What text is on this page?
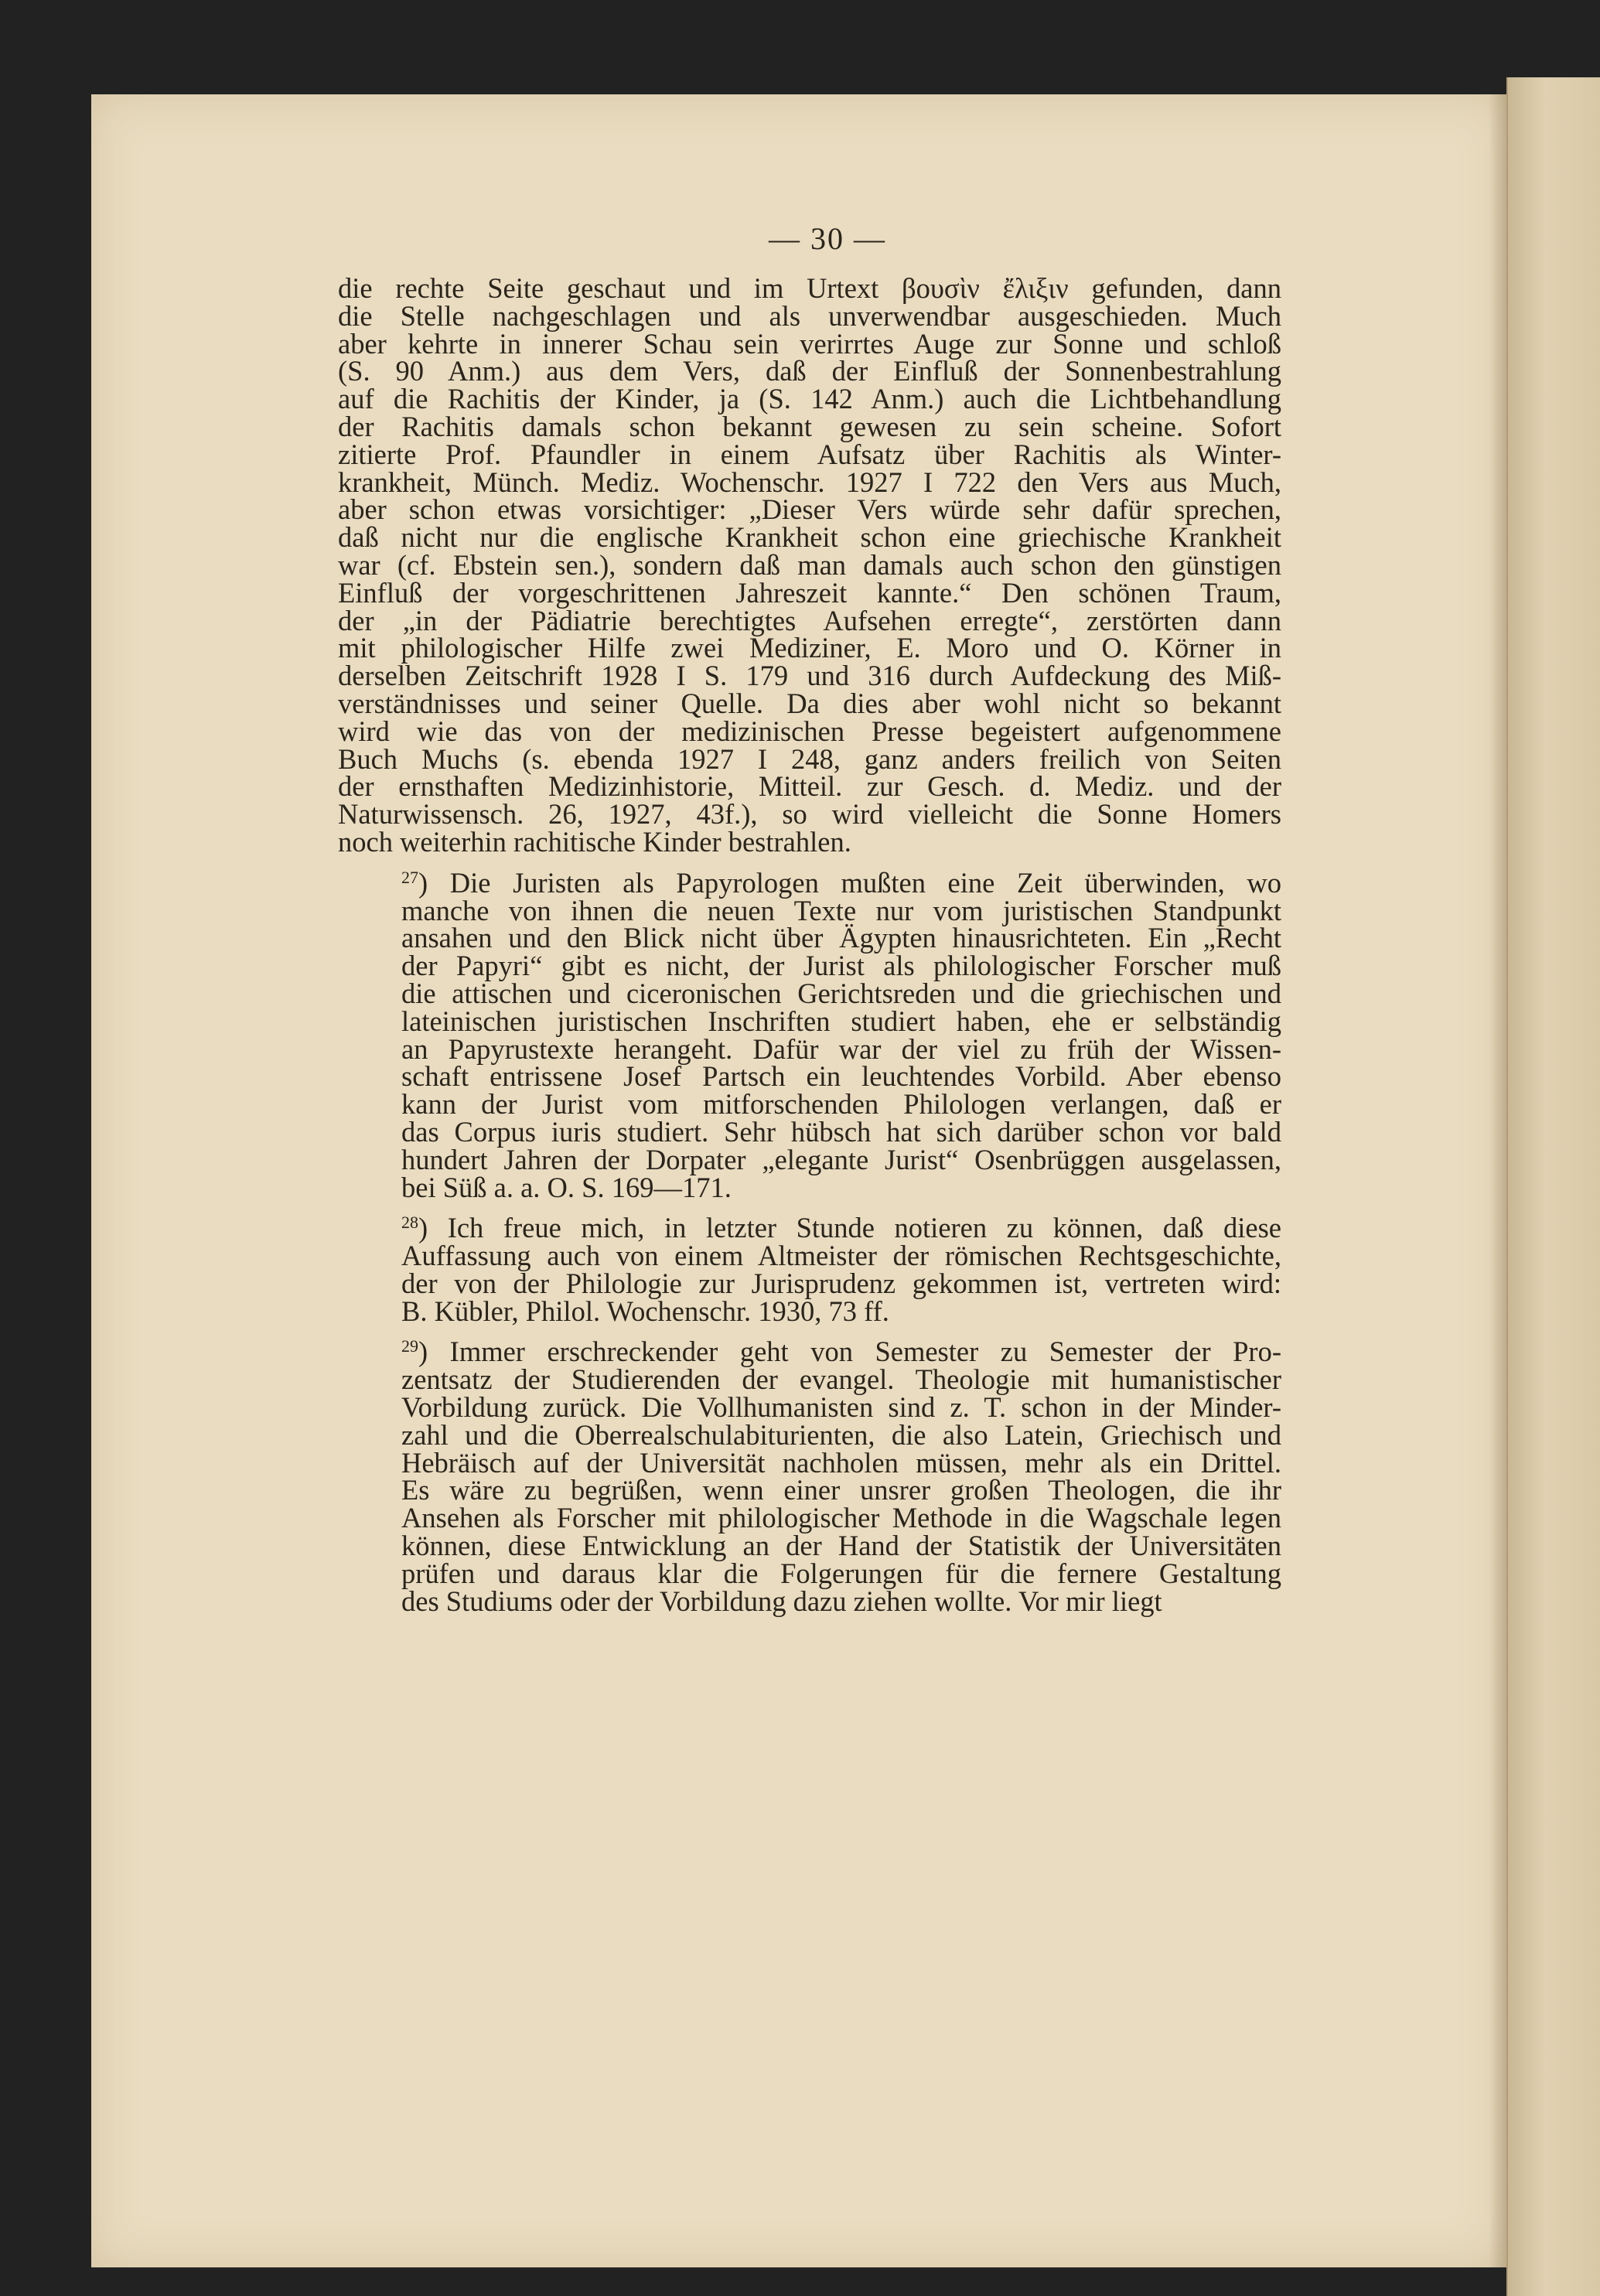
— 30 —
die rechte Seite geschaut und im Urtext βουσὶν ἔλιξιν gefunden, dann
die Stelle nachgeschlagen und als unverwendbar ausgeschieden. Much
aber kehrte in innerer Schau sein verirrtes Auge zur Sonne und schloß
(S. 90 Anm.) aus dem Vers, daß der Einfluß der Sonnenbestrahlung
auf die Rachitis der Kinder, ja (S. 142 Anm.) auch die Lichtbehandlung
der Rachitis damals schon bekannt gewesen zu sein scheine. Sofort
zitierte Prof. Pfaundler in einem Aufsatz über Rachitis als Winter-
krankheit, Münch. Mediz. Wochenschr. 1927 I 722 den Vers aus Much,
aber schon etwas vorsichtiger: „Dieser Vers würde sehr dafür sprechen,
daß nicht nur die englische Krankheit schon eine griechische Krankheit
war (cf. Ebstein sen.), sondern daß man damals auch schon den günstigen
Einfluß der vorgeschrittenen Jahreszeit kannte.“ Den schönen Traum,
der „in der Pädiatrie berechtigtes Aufsehen erregte“, zerstörten dann
mit philologischer Hilfe zwei Mediziner, E. Moro und O. Körner in
derselben Zeitschrift 1928 I S. 179 und 316 durch Aufdeckung des Miß-
verständnisses und seiner Quelle. Da dies aber wohl nicht so bekannt
wird wie das von der medizinischen Presse begeistert aufgenommene
Buch Muchs (s. ebenda 1927 I 248, ganz anders freilich von Seiten
der ernsthaften Medizinhistorie, Mitteil. zur Gesch. d. Mediz. und der
Naturwissensch. 26, 1927, 43f.), so wird vielleicht die Sonne Homers
noch weiterhin rachitische Kinder bestrahlen.
$^{27}$) Die Juristen als Papyrologen mußten eine Zeit überwinden, wo
manche von ihnen die neuen Texte nur vom juristischen Standpunkt
ansahen und den Blick nicht über Ägypten hinausrichteten. Ein „Recht
der Papyri“ gibt es nicht, der Jurist als philologischer Forscher muß
die attischen und ciceronischen Gerichtsreden und die griechischen und
lateinischen juristischen Inschriften studiert haben, ehe er selbständig
an Papyrustexte herangeht. Dafür war der viel zu früh der Wissen-
schaft entrissene Josef Partsch ein leuchtendes Vorbild. Aber ebenso
kann der Jurist vom mitforschenden Philologen verlangen, daß er
das Corpus iuris studiert. Sehr hübsch hat sich darüber schon vor bald
hundert Jahren der Dorpater „elegante Jurist“ Osenbrüggen ausgelassen,
bei Süß a. a. O. S. 169—171.
$^{28}$) Ich freue mich, in letzter Stunde notieren zu können, daß diese
Auffassung auch von einem Altmeister der römischen Rechtsgeschichte,
der von der Philologie zur Jurisprudenz gekommen ist, vertreten wird:
B. Kübler, Philol. Wochenschr. 1930, 73 ff.
$^{29}$) Immer erschreckender geht von Semester zu Semester der Pro-
zentsatz der Studierenden der evangel. Theologie mit humanistischer
Vorbildung zurück. Die Vollhumanisten sind z. T. schon in der Minder-
zahl und die Oberrealschulabiturienten, die also Latein, Griechisch und
Hebräisch auf der Universität nachholen müssen, mehr als ein Drittel.
Es wäre zu begrüßen, wenn einer unsrer großen Theologen, die ihr
Ansehen als Forscher mit philologischer Methode in die Wagschale legen
können, diese Entwicklung an der Hand der Statistik der Universitäten
prüfen und daraus klar die Folgerungen für die fernere Gestaltung
des Studiums oder der Vorbildung dazu ziehen wollte. Vor mir liegt
